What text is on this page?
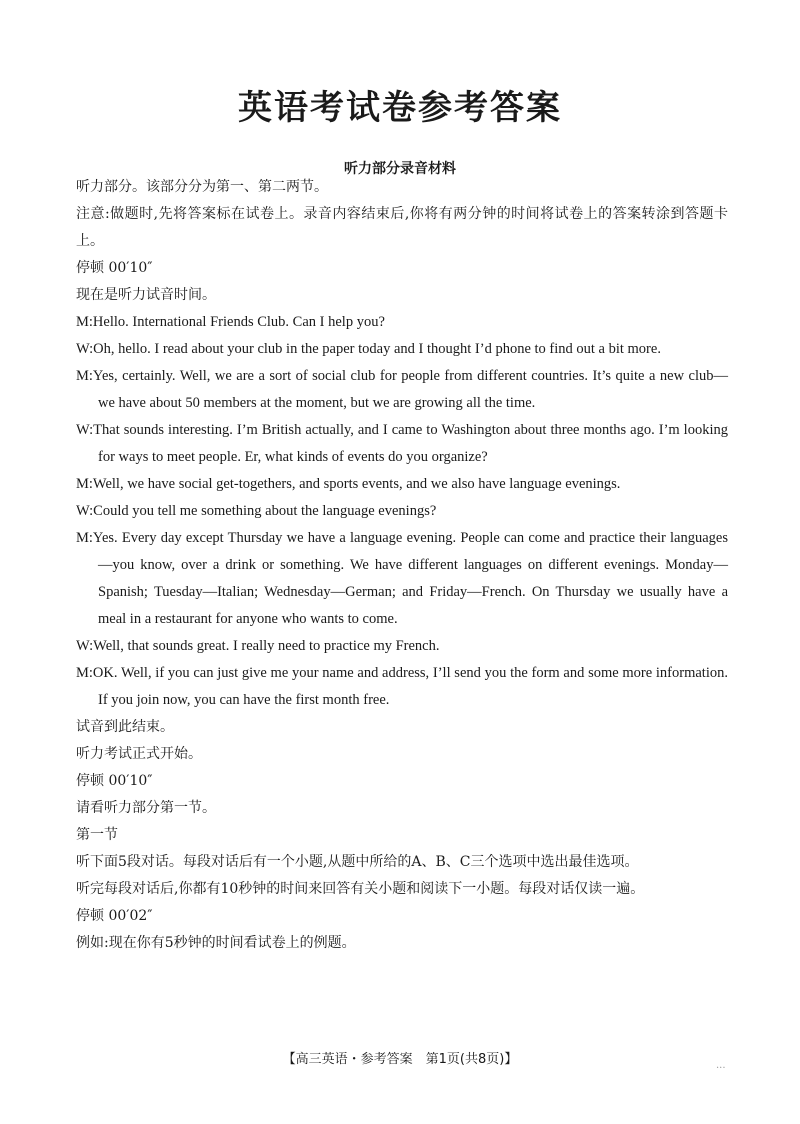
英语考试卷参考答案
听力部分录音材料

听力部分。该部分分为第一、第二两节。

注意:做题时,先将答案标在试卷上。录音内容结束后,你将有两分钟的时间将试卷上的答案转涂到答题卡上。

停顿 00′10″

现在是听力试音时间。

M:Hello. International Friends Club. Can I help you?

W:Oh, hello. I read about your club in the paper today and I thought I’d phone to find out a bit more.

M:Yes, certainly. Well, we are a sort of social club for people from different countries. It’s quite a new club—we have about 50 members at the moment, but we are growing all the time.

W:That sounds interesting. I’m British actually, and I came to Washington about three months ago. I’m looking for ways to meet people. Er, what kinds of events do you organize?

M:Well, we have social get-togethers, and sports events, and we also have language evenings.

W:Could you tell me something about the language evenings?

M:Yes. Every day except Thursday we have a language evening. People can come and practice their languages—you know, over a drink or something. We have different languages on different evenings. Monday—Spanish; Tuesday—Italian; Wednesday—German; and Friday—French. On Thursday we usually have a meal in a restaurant for anyone who wants to come.

W:Well, that sounds great. I really need to practice my French.

M:OK. Well, if you can just give me your name and address, I’ll send you the form and some more information. If you join now, you can have the first month free.

试音到此结束。

听力考试正式开始。

停顿 00′10″

请看听力部分第一节。

第一节

听下面5段对话。每段对话后有一个小题,从题中所给的A、B、C三个选项中选出最佳选项。

听完每段对话后,你都有10秒钟的时间来回答有关小题和阅读下一小题。每段对话仅读一遍。

停顿 00′02″

例如:现在你有5秒钟的时间看试卷上的例题。

【高三英语・参考答案　第1页(共8页)】	...
